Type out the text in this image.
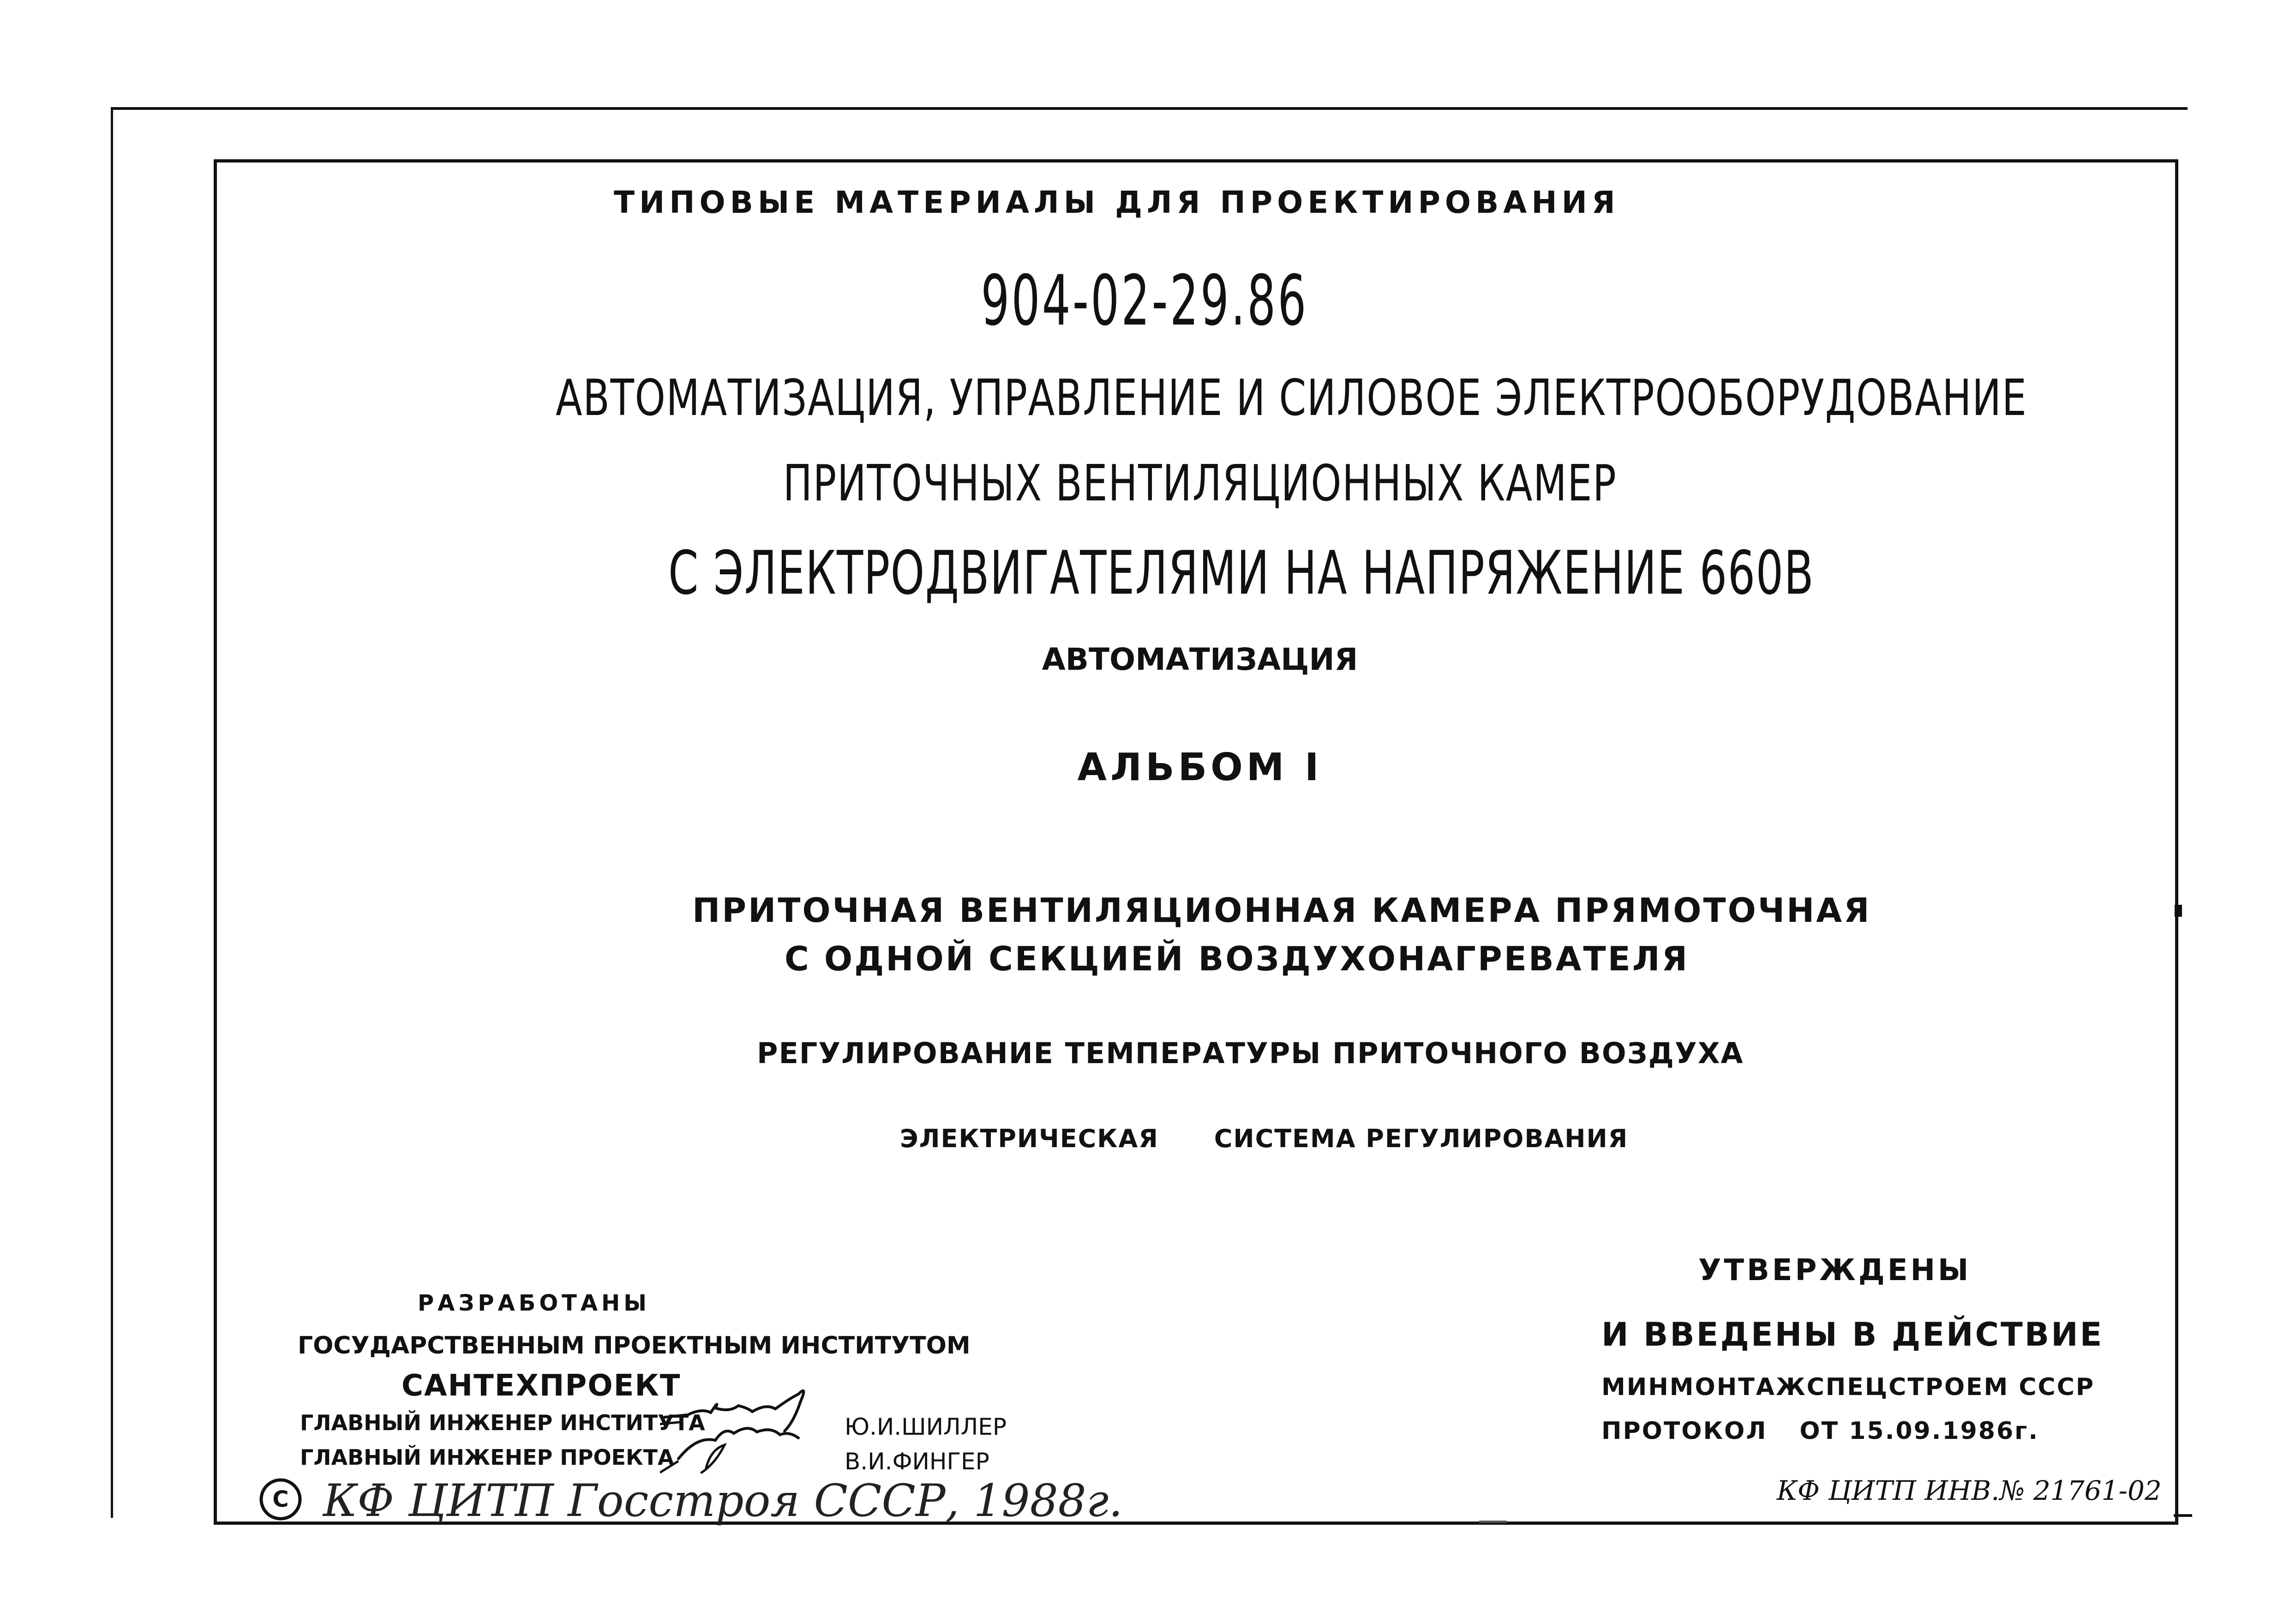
ТИПОВЫЕ МАТЕРИАЛЫ ДЛЯ ПРОЕКТИРОВАНИЯ
904-02-29.86
АВТОМАТИЗАЦИЯ, УПРАВЛЕНИЕ И СИЛОВОЕ ЭЛЕКТРООБОРУДОВАНИЕ
ПРИТОЧНЫХ ВЕНТИЛЯЦИОННЫХ КАМЕР
С ЭЛЕКТРОДВИГАТЕЛЯМИ НА НАПРЯЖЕНИЕ 660В
АВТОМАТИЗАЦИЯ
АЛЬБОМ I
ПРИТОЧНАЯ ВЕНТИЛЯЦИОННАЯ КАМЕРА ПРЯМОТОЧНАЯ
С ОДНОЙ СЕКЦИЕЙ ВОЗДУХОНАГРЕВАТЕЛЯ
РЕГУЛИРОВАНИЕ ТЕМПЕРАТУРЫ ПРИТОЧНОГО ВОЗДУХА
ЭЛЕКТРИЧЕСКАЯ СИСТЕМА РЕГУЛИРОВАНИЯ
РАЗРАБОТАНЫ
ГОСУДАРСТВЕННЫМ ПРОЕКТНЫМ ИНСТИТУТОМ
САНТЕХПРОЕКТ
ГЛАВНЫЙ ИНЖЕНЕР ИНСТИТУТА
ГЛАВНЫЙ ИНЖЕНЕР ПРОЕКТА
Ю.И.ШИЛЛЕР
В.И.ФИНГЕР
C КФ ЦИТП Госстроя СССР, 1988г.
УТВЕРЖДЕНЫ
И ВВЕДЕНЫ В ДЕЙСТВИЕ
МИНМОНТАЖСПЕЦСТРОЕМ СССР
ПРОТОКОЛ ОТ 15.09.1986г.
КФ ЦИТП ИНВ.№ 21761-02
